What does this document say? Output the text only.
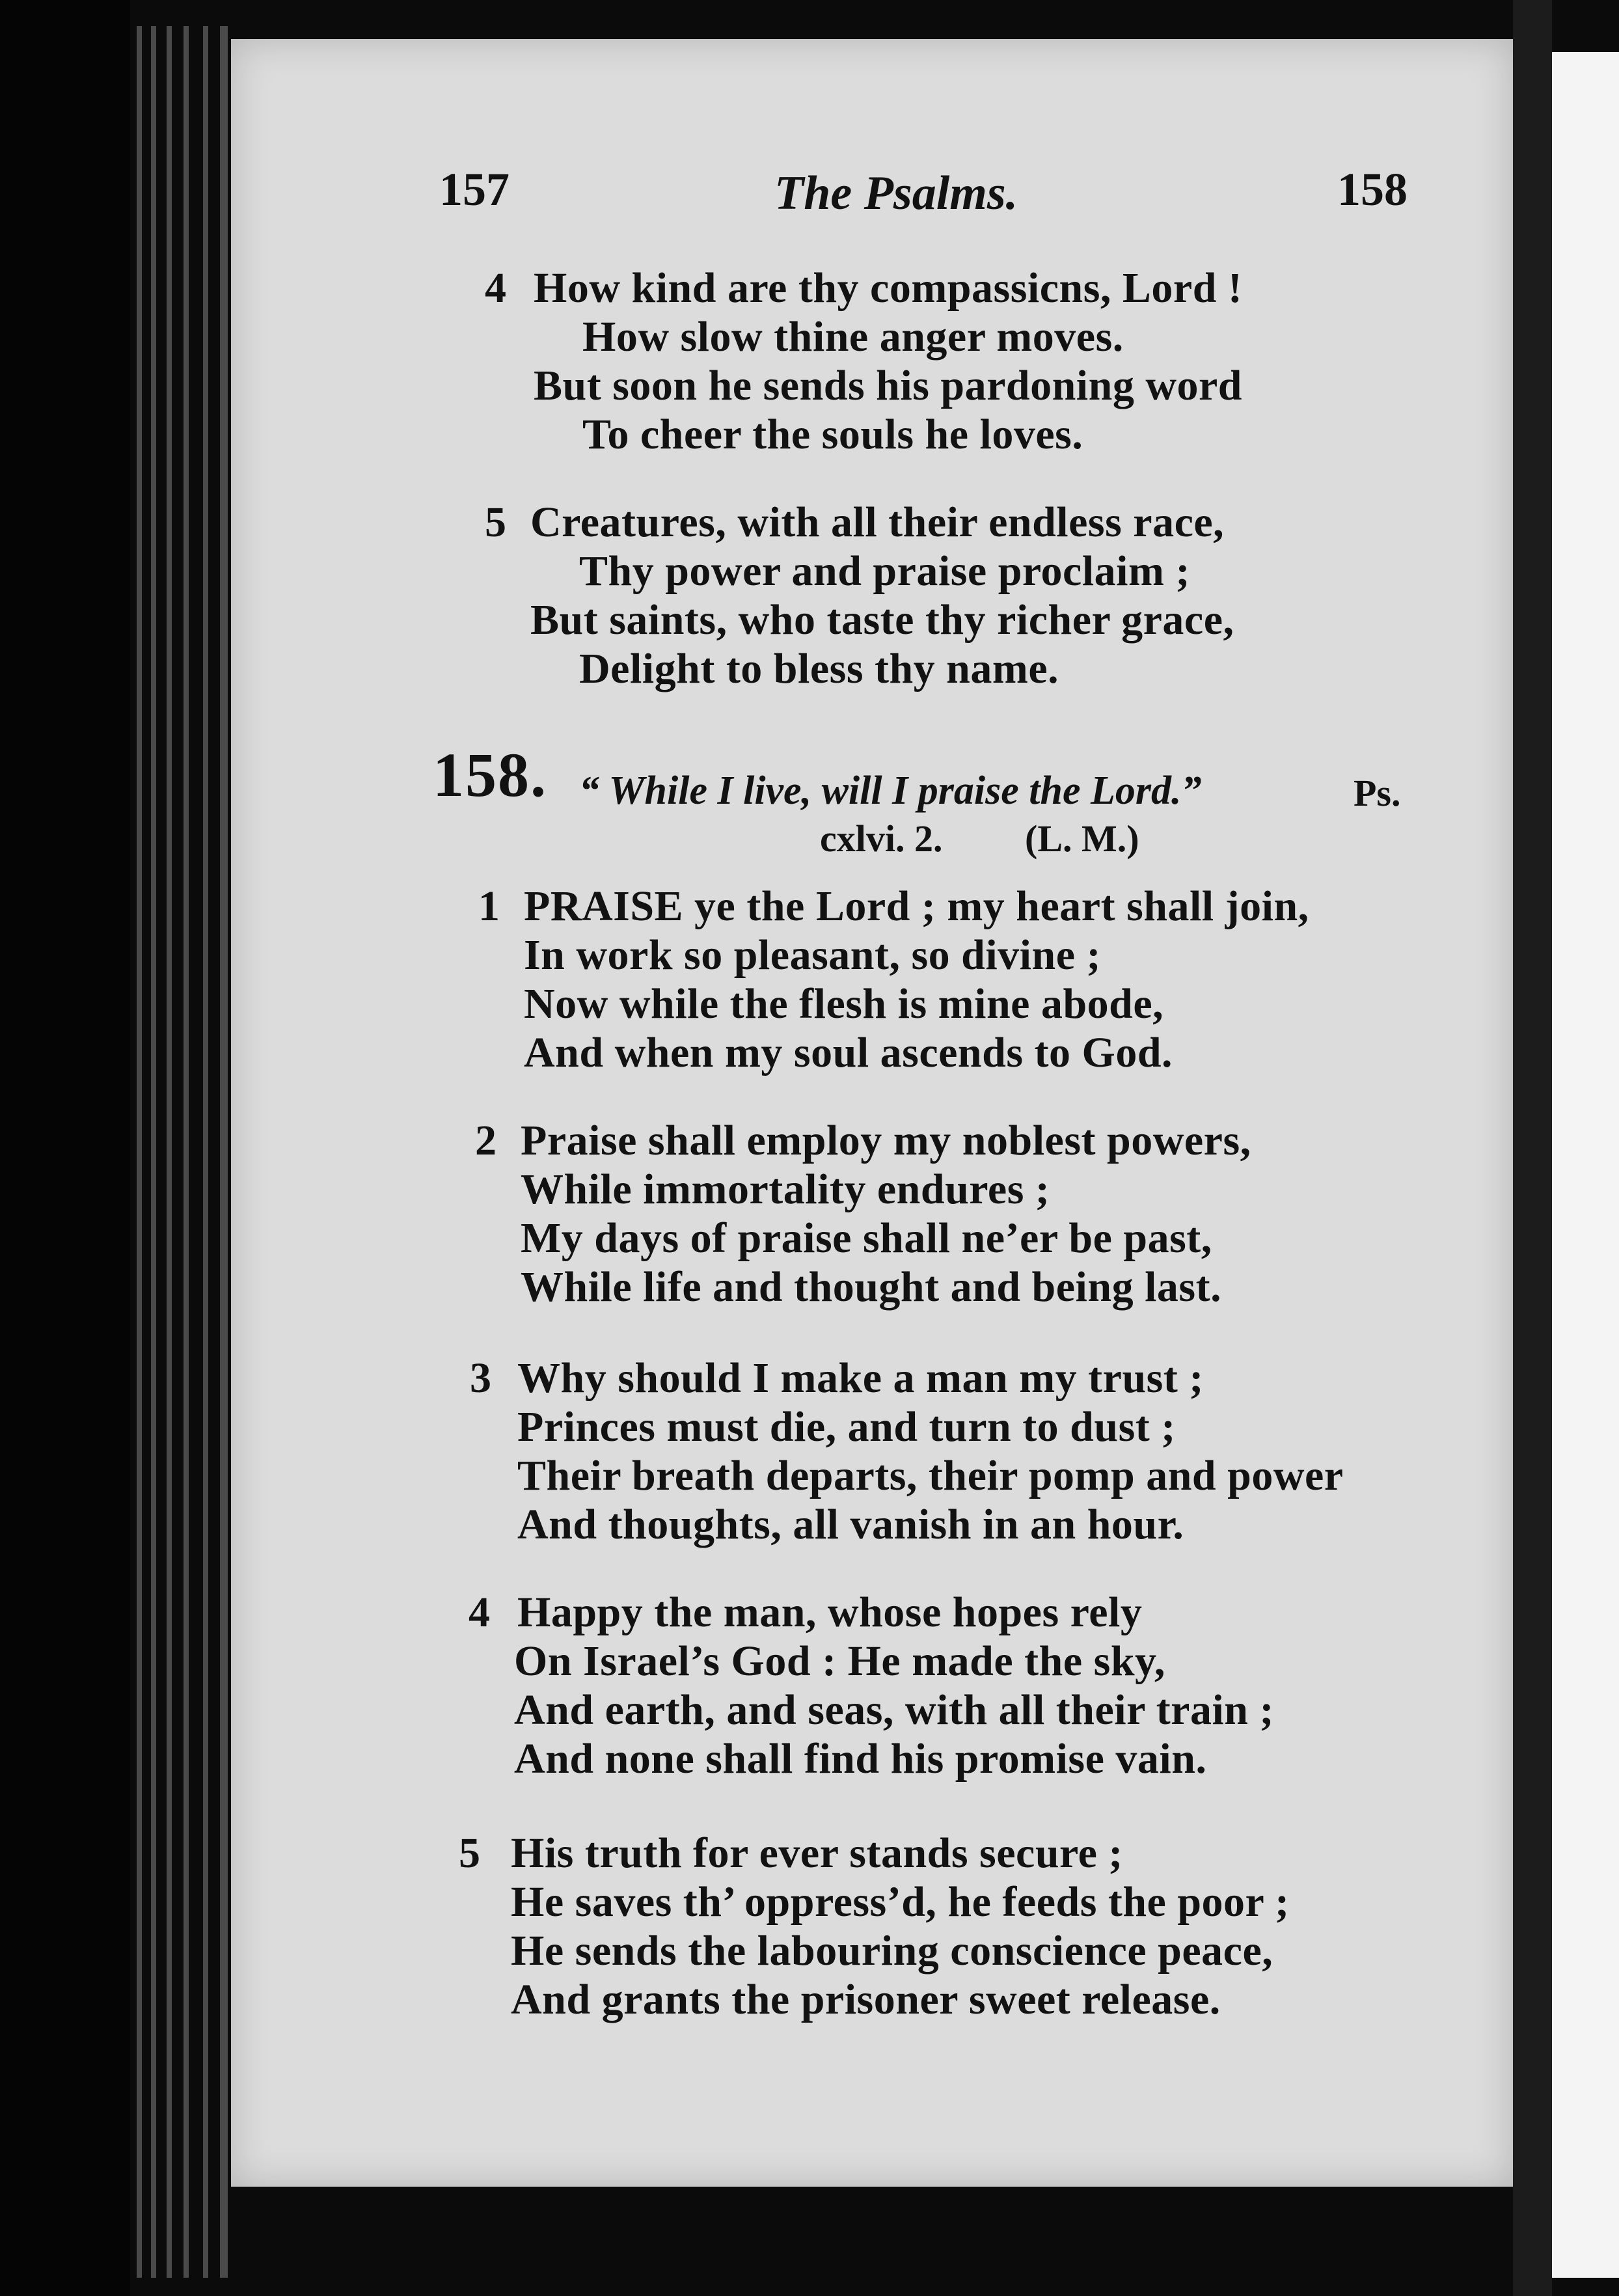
157	The Psalms.	158
4 How kind are thy compassicns, Lord !
How slow thine anger moves.
But soon he sends his pardoning word
To cheer the souls he loves.
5 Creatures, with all their endless race,
Thy power and praise proclaim ;
But saints, who taste thy richer grace,
Delight to bless thy name.
158. “ While I live, will I praise the Lord.”	Ps.
cxlvi. 2. (L. M.)
1 PRAISE ye the Lord ; my heart shall join,
In work so pleasant, so divine ;
Now while the flesh is mine abode,
And when my soul ascends to God.
2 Praise shall employ my noblest powers,
While immortality endures ;
My days of praise shall ne’er be past,
While life and thought and being last.
3 Why should I make a man my trust ;
Princes must die, and turn to dust ;
Their breath departs, their pomp and power
And thoughts, all vanish in an hour.
4 Happy the man, whose hopes rely
On Israel’s God : He made the sky,
And earth, and seas, with all their train ;
And none shall find his promise vain.
5 His truth for ever stands secure ;
He saves th’ oppress’d, he feeds the poor ;
He sends the labouring conscience peace,
And grants the prisoner sweet release.
